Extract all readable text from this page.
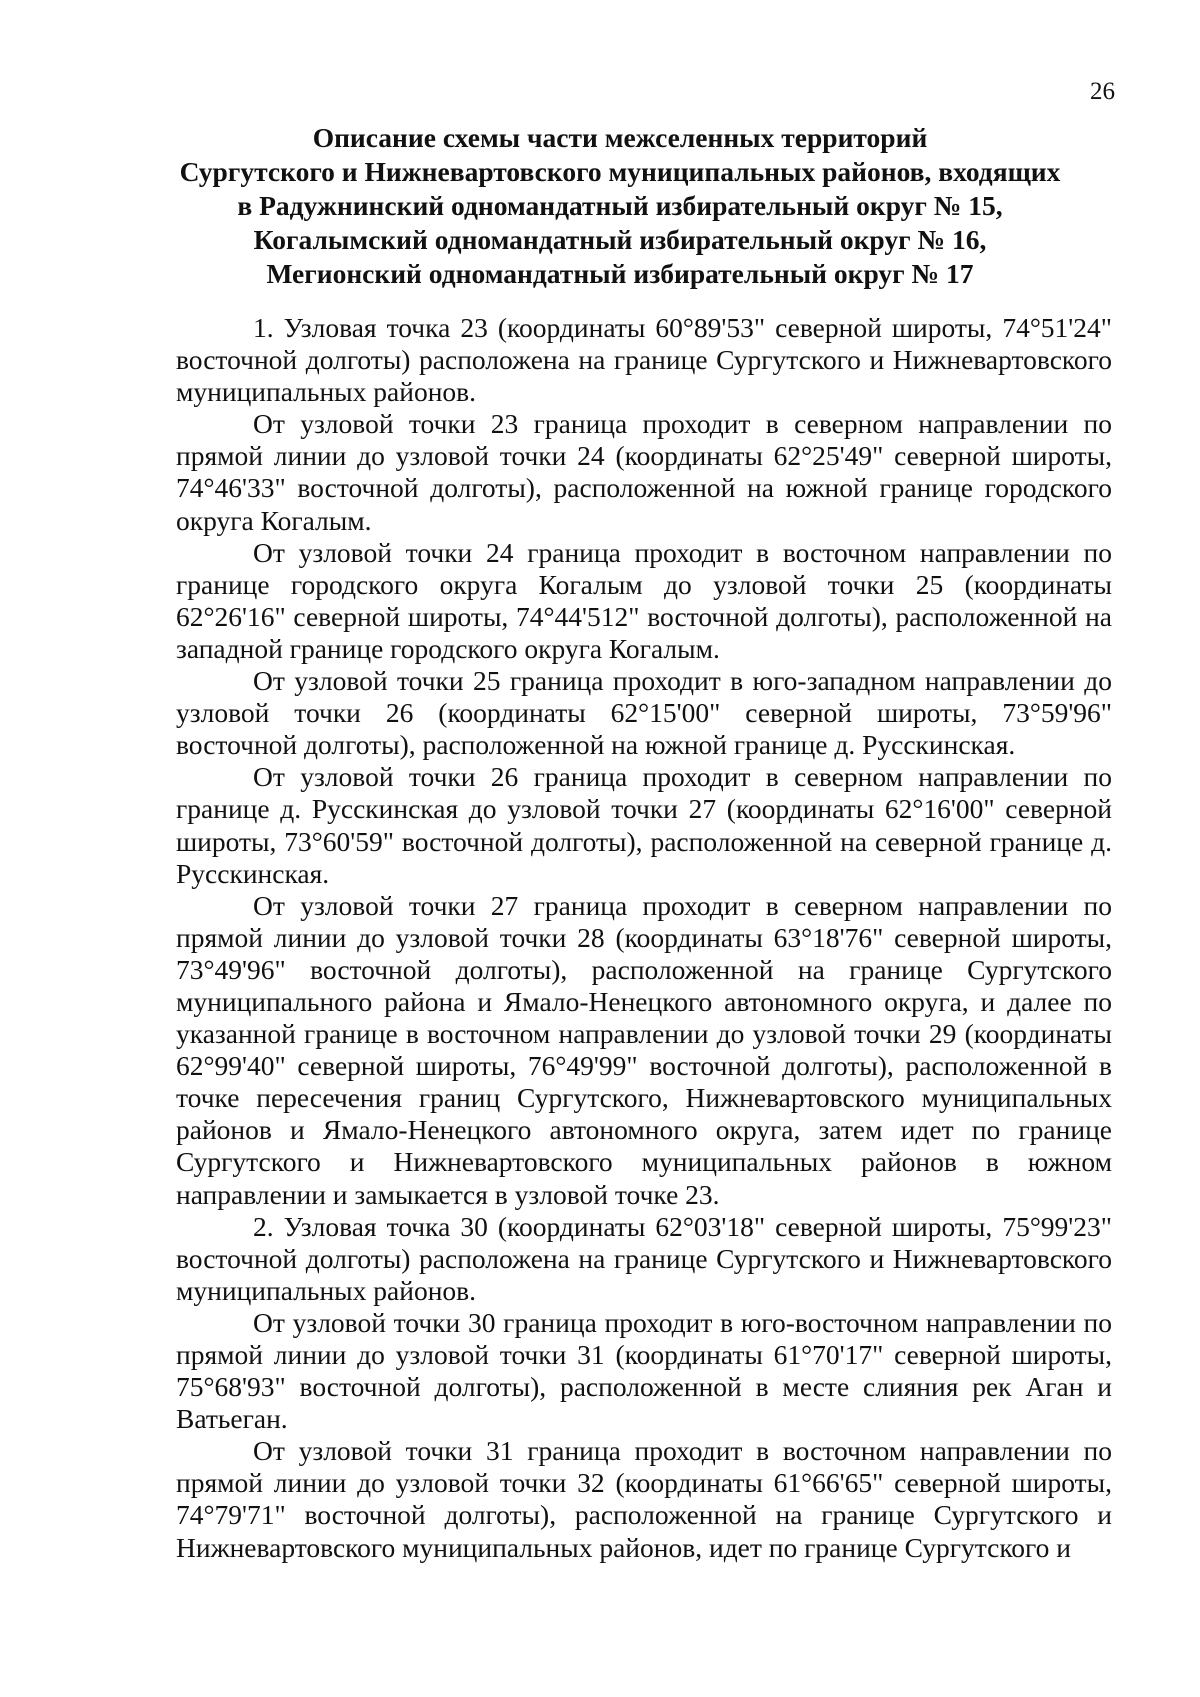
26
Описание схемы части межселенных территорий
Сургутского и Нижневартовского муниципальных районов, входящих
в Радужнинский одномандатный избирательный округ № 15,
Когалымский одномандатный избирательный округ № 16,
Мегионский одномандатный избирательный округ № 17

1. Узловая точка 23 (координаты 60°89'53" северной широты, 74°51'24" восточной долготы) расположена на границе Сургутского и Нижневартовского муниципальных районов.

От узловой точки 23 граница проходит в северном направлении по прямой линии до узловой точки 24 (координаты 62°25'49" северной широты, 74°46'33" восточной долготы), расположенной на южной границе городского округа Когалым.

От узловой точки 24 граница проходит в восточном направлении по границе городского округа Когалым до узловой точки 25 (координаты 62°26'16" северной широты, 74°44'512" восточной долготы), расположенной на западной границе городского округа Когалым.

От узловой точки 25 граница проходит в юго-западном направлении до узловой точки 26 (координаты 62°15'00" северной широты, 73°59'96" восточной долготы), расположенной на южной границе д. Русскинская.

От узловой точки 26 граница проходит в северном направлении по границе д. Русскинская до узловой точки 27 (координаты 62°16'00" северной широты, 73°60'59" восточной долготы), расположенной на северной границе д. Русскинская.

От узловой точки 27 граница проходит в северном направлении по прямой линии до узловой точки 28 (координаты 63°18'76" северной широты, 73°49'96" восточной долготы), расположенной на границе Сургутского муниципального района и Ямало-Ненецкого автономного округа, и далее по указанной границе в восточном направлении до узловой точки 29 (координаты 62°99'40" северной широты, 76°49'99" восточной долготы), расположенной в точке пересечения границ Сургутского, Нижневартовского муниципальных районов и Ямало-Ненецкого автономного округа, затем идет по границе Сургутского и Нижневартовского муниципальных районов в южном направлении и замыкается в узловой точке 23.

2. Узловая точка 30 (координаты 62°03'18" северной широты, 75°99'23" восточной долготы) расположена на границе Сургутского и Нижневартовского муниципальных районов.

От узловой точки 30 граница проходит в юго-восточном направлении по прямой линии до узловой точки 31 (координаты 61°70'17" северной широты, 75°68'93" восточной долготы), расположенной в месте слияния рек Аган и Ватьеган.

От узловой точки 31 граница проходит в восточном направлении по прямой линии до узловой точки 32 (координаты 61°66'65" северной широты, 74°79'71" восточной долготы), расположенной на границе Сургутского и Нижневартовского муниципальных районов, идет по границе Сургутского и
